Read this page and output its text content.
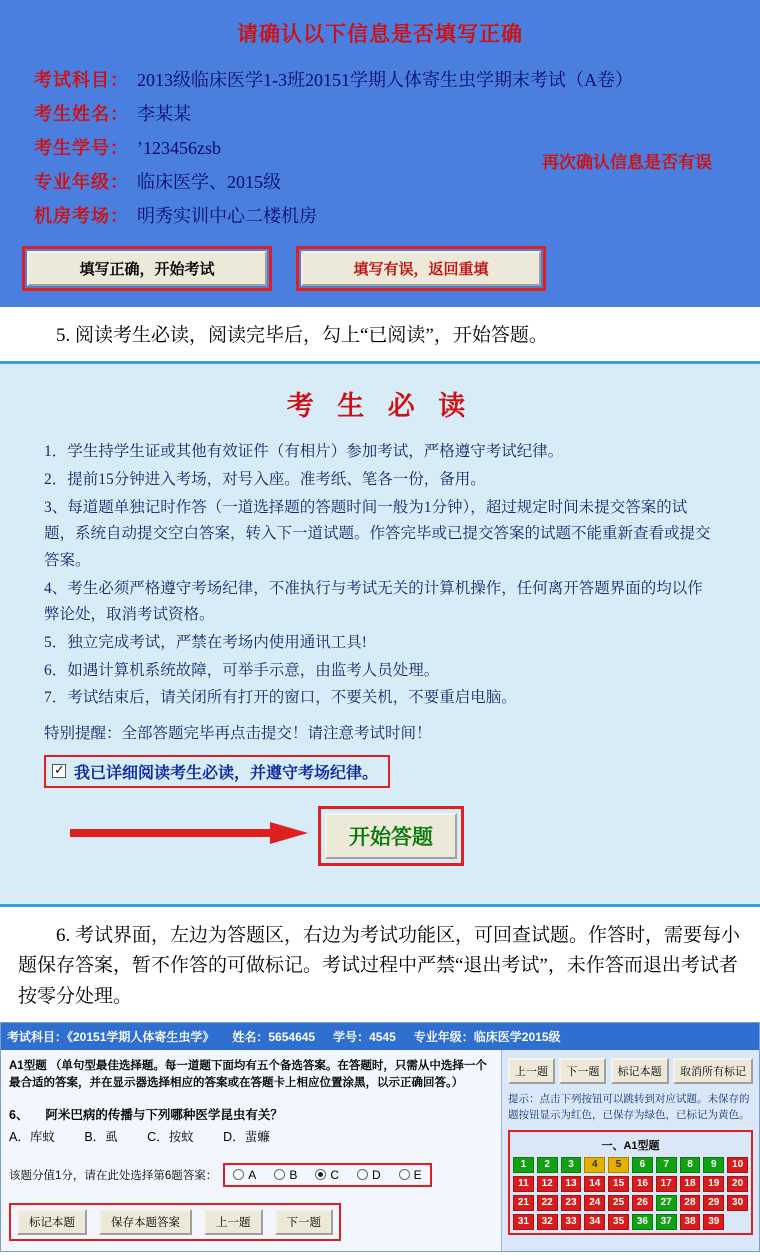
请确认以下信息是否填写正确
考试科目： 2013级临床医学1-3班20151学期人体寄生虫学期末考试（A卷）
考生姓名： 李某某
考生学号： ’123456zsb
专业年级： 临床医学、2015级
机房考场： 明秀实训中心二楼机房
再次确认信息是否有误
填写正确，开始考试	填写有误，返回重填
5. 阅读考生必读，阅读完毕后，勾上“已阅读”，开始答题。
考 生 必 读
1．学生持学生证或其他有效证件（有相片）参加考试，严格遵守考试纪律。
2．提前15分钟进入考场，对号入座。准考纸、笔各一份，备用。
3、每道题单独记时作答（一道选择题的答题时间一般为1分钟），超过规定时间未提交答案的试题，系统自动提交空白答案，转入下一道试题。作答完毕或已提交答案的试题不能重新查看或提交答案。
4、考生必须严格遵守考场纪律，不准执行与考试无关的计算机操作，任何离开答题界面的均以作弊论处，取消考试资格。
5．独立完成考试，严禁在考场内使用通讯工具!
6．如遇计算机系统故障，可举手示意，由监考人员处理。
7．考试结束后，请关闭所有打开的窗口，不要关机，不要重启电脑。
特别提醒：全部答题完毕再点击提交！请注意考试时间！
✓
我已详细阅读考生必读，并遵守考场纪律。
开始答题
6. 考试界面，左边为答题区，右边为考试功能区，可回查试题。作答时，需要每小题保存答案，暂不作答的可做标记。考试过程中严禁“退出考试”，未作答而退出考试者按零分处理。
考试科目：《20151学期人体寄生虫学》 姓名：5654645 学号：4545 专业年级：临床医学2015级
A1型题 （单句型最佳选择题。每一道题下面均有五个备选答案。在答题时，只需从中选择一个最合适的答案，并在显示器选择相应的答案或在答题卡上相应位置涂黑，以示正确回答。）
6、 阿米巴病的传播与下列哪种医学昆虫有关？
A．库蚊 B．虱 C．按蚊 D．蜚蠊
该题分值1分，请在此处选择第6题答案：	A	B	C	D	E
标记本题	保存本题答案	上一题	下一题
上一题	下一题	标记本题	取消所有标记
提示：点击下列按钮可以跳转到对应试题。未保存的题按钮显示为红色，已保存为绿色，已标记为黄色。
一、A1型题
1	2	3	4	5	6	7	8	9	10
11	12	13	14	15	16	17	18	19	20
21	22	23	24	25	26	27	28	29	30
31	32	33	34	35	36	37	38	39
